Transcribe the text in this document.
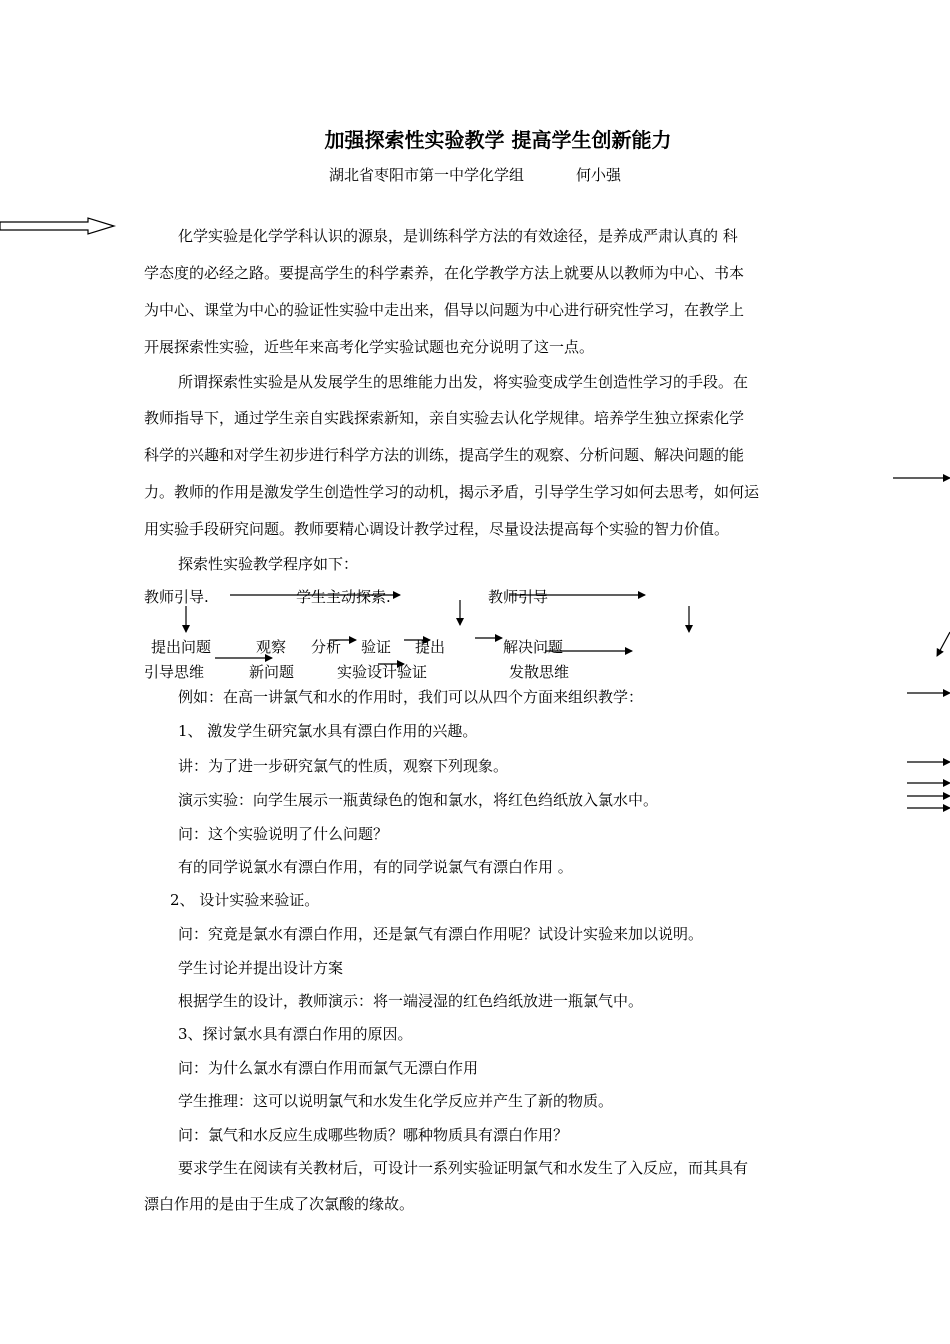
加强探索性实验教学 提高学生创新能力
湖北省枣阳市第一中学化学组	何小强
化学实验是化学学科认识的源泉，是训练科学方法的有效途径，是养成严肃认真的 科
学态度的必经之路。要提高学生的科学素养，在化学教学方法上就要从以教师为中心、书本
为中心、课堂为中心的验证性实验中走出来，倡导以问题为中心进行研究性学习，在教学上
开展探索性实验，近些年来高考化学实验试题也充分说明了这一点。
所谓探索性实验是从发展学生的思维能力出发，将实验变成学生创造性学习的手段。在
教师指导下，通过学生亲自实践探索新知，亲自实验去认化学规律。培养学生独立探索化学
科学的兴趣和对学生初步进行科学方法的训练，提高学生的观察、分析问题、解决问题的能
力。教师的作用是激发学生创造性学习的动机，揭示矛盾，引导学生学习如何去思考，如何运
用实验手段研究问题。教师要精心调设计教学过程，尽量设法提高每个实验的智力价值。
探索性实验教学程序如下：
教师引导.	学生主动探索.	教师引导
提出问题	观察 分析 验证 提出	解决问题
引导思维	新问题	实验设计验证	发散思维
例如：在高一讲氯气和水的作用时，我们可以从四个方面来组织教学：
1、 激发学生研究氯水具有漂白作用的兴趣。
讲：为了进一步研究氯气的性质，观察下列现象。
演示实验：向学生展示一瓶黄绿色的饱和氯水，将红色绉纸放入氯水中。
问：这个实验说明了什么问题？
有的同学说氯水有漂白作用，有的同学说氯气有漂白作用 。
2、 设计实验来验证。
问：究竟是氯水有漂白作用，还是氯气有漂白作用呢？试设计实验来加以说明。
学生讨论并提出设计方案
根据学生的设计，教师演示：将一端浸湿的红色绉纸放进一瓶氯气中。
3、探讨氯水具有漂白作用的原因。
问：为什么氯水有漂白作用而氯气无漂白作用
学生推理：这可以说明氯气和水发生化学反应并产生了新的物质。
问：氯气和水反应生成哪些物质？哪种物质具有漂白作用？
要求学生在阅读有关教材后，可设计一系列实验证明氯气和水发生了入反应，而其具有
漂白作用的是由于生成了次氯酸的缘故。
